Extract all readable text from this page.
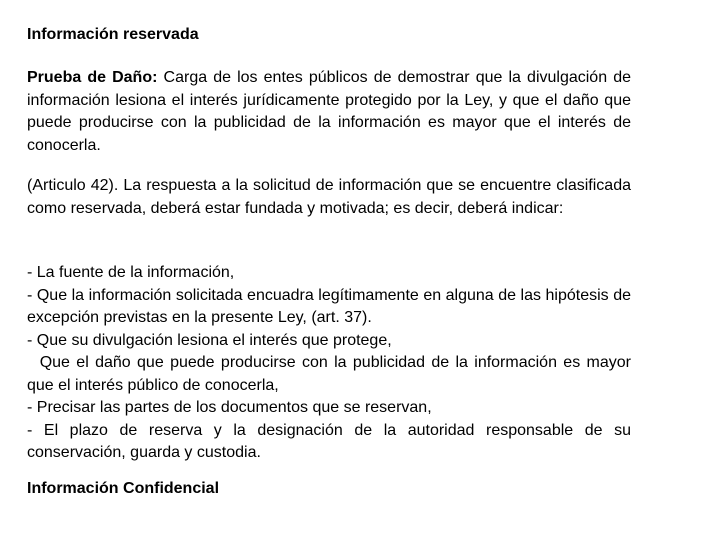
Información reservada

Prueba de Daño: Carga de los entes públicos de demostrar que la divulgación de información lesiona el interés jurídicamente protegido por la Ley, y que el daño que puede producirse con la publicidad de la información es mayor que el interés de conocerla.

(Articulo 42). La respuesta a la solicitud de información que se encuentre clasificada como reservada, deberá estar fundada y motivada; es decir, deberá indicar:

- La fuente de la información,
- Que la información solicitada encuadra legítimamente en alguna de las hipótesis de excepción previstas en la presente Ley, (art. 37).
- Que su divulgación lesiona el interés que protege,
Que el daño que puede producirse con la publicidad de la información es mayor que el interés público de conocerla,
- Precisar las partes de los documentos que se reservan,
- El plazo de reserva y la designación de la autoridad responsable de su conservación, guarda y custodia.
Información Confidencial
